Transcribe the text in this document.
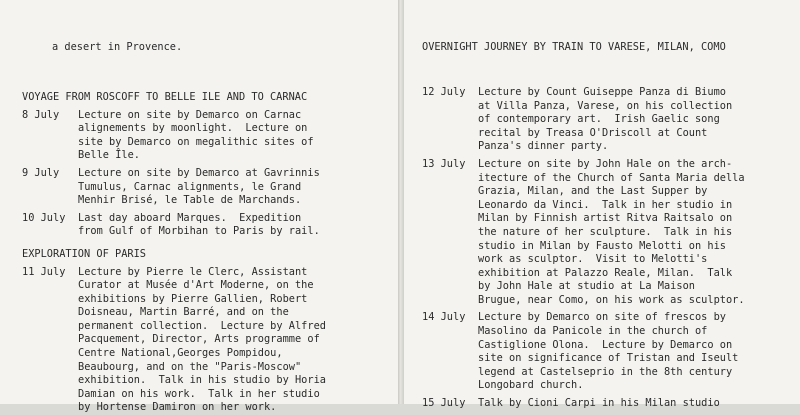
a desert in Provence.

VOYAGE FROM ROSCOFF TO BELLE ILE AND TO CARNAC
8 July	Lecture on site by Demarco on Carnac
alignements by moonlight.  Lecture on
site by Demarco on megalithic sites of
Belle Île.
9 July	Lecture on site by Demarco at Gavrinnis
Tumulus, Carnac alignments, le Grand
Menhir Brisé, le Table de Marchands.
10 July	Last day aboard Marques.  Expedition
from Gulf of Morbihan to Paris by rail.
EXPLORATION OF PARIS
11 July	Lecture by Pierre le Clerc, Assistant
Curator at Musée d'Art Moderne, on the
exhibitions by Pierre Gallien, Robert
Doisneau, Martin Barré, and on the
permanent collection.  Lecture by Alfred
Pacquement, Director, Arts programme of
Centre National,Georges Pompidou,
Beaubourg, and on the "Paris-Moscow"
exhibition.  Talk in his studio by Horia
Damian on his work.  Talk in her studio
by Hortense Damiron on her work.

OVERNIGHT JOURNEY BY TRAIN TO VARESE, MILAN, COMO

12 July	Lecture by Count Guiseppe Panza di Biumo
at Villa Panza, Varese, on his collection
of contemporary art.  Irish Gaelic song
recital by Treasa O'Driscoll at Count
Panza's dinner party.
13 July	Lecture on site by John Hale on the arch-
itecture of the Church of Santa Maria della
Grazia, Milan, and the Last Supper by
Leonardo da Vinci.  Talk in her studio in
Milan by Finnish artist Ritva Raitsalo on
the nature of her sculpture.  Talk in his
studio in Milan by Fausto Melotti on his
work as sculptor.  Visit to Melotti's
exhibition at Palazzo Reale, Milan.  Talk
by John Hale at studio at La Maison
Brugue, near Como, on his work as sculptor.
14 July	Lecture by Demarco on site of frescos by
Masolino da Panicole in the church of
Castiglione Olona.  Lecture by Demarco on
site on significance of Tristan and Iseult
legend at Castelseprio in the 8th century
Longobard church.
15 July	Talk by Cioni Carpi in his Milan studio
